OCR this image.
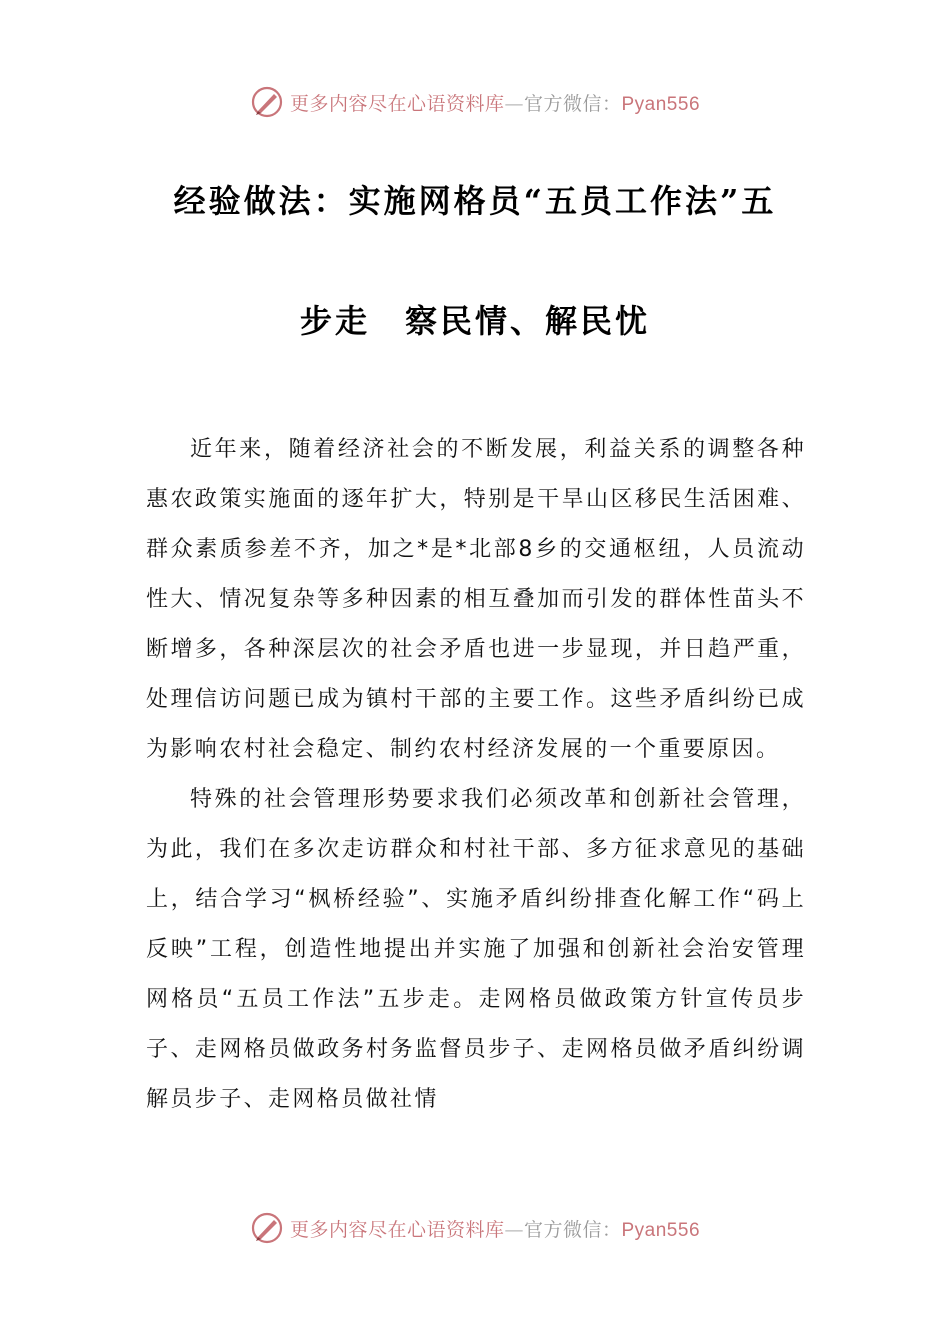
更多内容尽在心语资料库—官方微信：Pyan556
经验做法：实施网格员“五员工作法”五
步走　察民情、解民忧

近年来，随着经济社会的不断发展，利益关系的调整各种惠农政策实施面的逐年扩大，特别是干旱山区移民生活困难、群众素质参差不齐，加之*是*北部8乡的交通枢纽，人员流动性大、情况复杂等多种因素的相互叠加而引发的群体性苗头不断增多，各种深层次的社会矛盾也进一步显现，并日趋严重，处理信访问题已成为镇村干部的主要工作。这些矛盾纠纷已成为影响农村社会稳定、制约农村经济发展的一个重要原因。

特殊的社会管理形势要求我们必须改革和创新社会管理，为此，我们在多次走访群众和村社干部、多方征求意见的基础上，结合学习“枫桥经验”、实施矛盾纠纷排查化解工作“码上反映”工程，创造性地提出并实施了加强和创新社会治安管理网格员“五员工作法”五步走。走网格员做政策方针宣传员步子、走网格员做政务村务监督员步子、走网格员做矛盾纠纷调解员步子、走网格员做社情

更多内容尽在心语资料库—官方微信：Pyan556
